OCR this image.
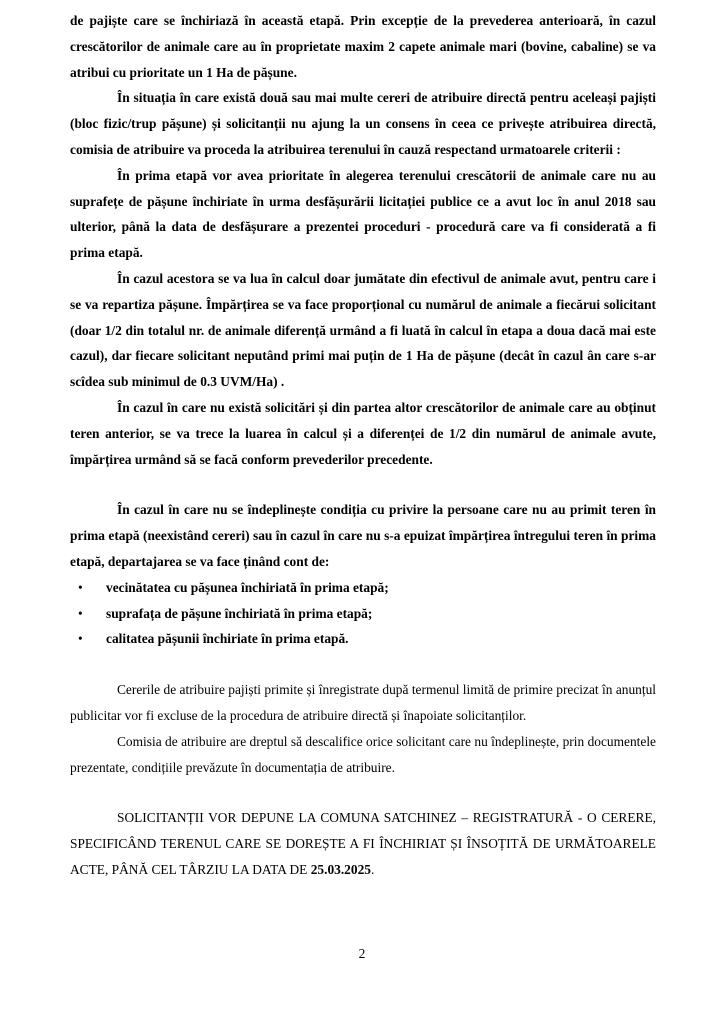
de pajiște care se închiriază în această etapă. Prin excepție de la prevederea anterioară, în cazul crescătorilor de animale care au în proprietate maxim 2 capete animale mari (bovine, cabaline) se va atribui cu prioritate un 1 Ha de pășune.

În situația în care există două sau mai multe cereri de atribuire directă pentru aceleași pajiști (bloc fizic/trup pășune) și solicitanții nu ajung la un consens în ceea ce privește atribuirea directă, comisia de atribuire va proceda la atribuirea terenului în cauză respectand urmatoarele criterii :

În prima etapă vor avea prioritate în alegerea terenului crescătorii de animale care nu au suprafețe de pășune închiriate în urma desfășurării licitației publice ce a avut loc în anul 2018 sau ulterior, până la data de desfășurare a prezentei proceduri - procedură care va fi considerată a fi prima etapă.

În cazul acestora se va lua în calcul doar jumătate din efectivul de animale avut, pentru care i se va repartiza pășune. Împărțirea se va face proporțional cu numărul de animale a fiecărui solicitant (doar 1/2 din totalul nr. de animale diferență urmând a fi luată în calcul în etapa a doua dacă mai este cazul), dar fiecare solicitant neputând primi mai puțin de 1 Ha de pășune (decât în cazul ân care s-ar scîdea sub minimul de 0.3 UVM/Ha) .

În cazul în care nu există solicitări și din partea altor crescătorilor de animale care au obținut teren anterior, se va trece la luarea în calcul și a diferenței de 1/2 din numărul de animale avute, împărțirea urmând să se facă conform prevederilor precedente.

În cazul în care nu se îndeplinește condiția cu privire la persoane care nu au primit teren în prima etapă (neexistând cereri) sau în cazul în care nu s-a epuizat împărțirea întregului teren în prima etapă, departajarea se va face ținând cont de:

• vecinătatea cu pășunea închiriată în prima etapă;
• suprafața de pășune închiriată în prima etapă;
• calitatea pășunii închiriate în prima etapă.

Cererile de atribuire pajiști primite și înregistrate după termenul limită de primire precizat în anunțul publicitar vor fi excluse de la procedura de atribuire directă și înapoiate solicitanților.

Comisia de atribuire are dreptul să descalifice orice solicitant care nu îndeplinește, prin documentele prezentate, condițiile prevăzute în documentația de atribuire.

SOLICITANȚII VOR DEPUNE LA COMUNA SATCHINEZ – REGISTRATURĂ - O CERERE, SPECIFICÂND TERENUL CARE SE DOREȘTE A FI ÎNCHIRIAT ȘI ÎNSOȚITĂ DE URMĂTOARELE ACTE, PÂNĂ CEL TÂRZIU LA DATA DE 25.03.2025.

2
